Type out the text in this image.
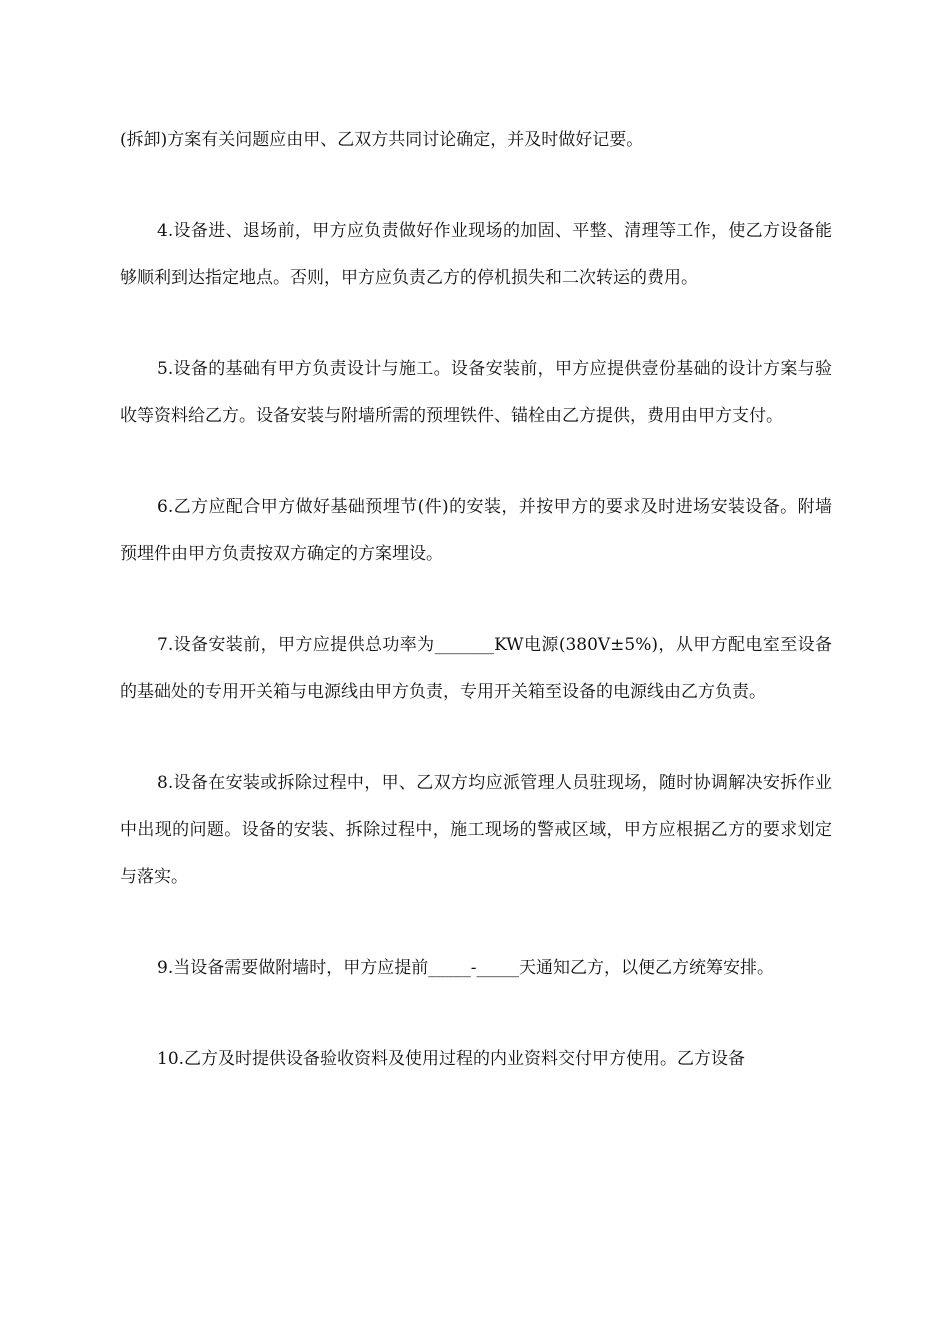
(拆卸)方案有关问题应由甲、乙双方共同讨论确定，并及时做好记要。

4.设备进、退场前，甲方应负责做好作业现场的加固、平整、清理等工作，使乙方设备能够顺利到达指定地点。否则，甲方应负责乙方的停机损失和二次转运的费用。

5.设备的基础有甲方负责设计与施工。设备安装前，甲方应提供壹份基础的设计方案与验收等资料给乙方。设备安装与附墙所需的预埋铁件、锚栓由乙方提供，费用由甲方支付。

6.乙方应配合甲方做好基础预埋节(件)的安装，并按甲方的要求及时进场安装设备。附墙预埋件由甲方负责按双方确定的方案埋设。

7.设备安装前，甲方应提供总功率为_______KW电源(380V±5%)，从甲方配电室至设备的基础处的专用开关箱与电源线由甲方负责，专用开关箱至设备的电源线由乙方负责。

8.设备在安装或拆除过程中，甲、乙双方均应派管理人员驻现场，随时协调解决安拆作业中出现的问题。设备的安装、拆除过程中，施工现场的警戒区域，甲方应根据乙方的要求划定与落实。

9.当设备需要做附墙时，甲方应提前_____-_____天通知乙方，以便乙方统筹安排。

10.乙方及时提供设备验收资料及使用过程的内业资料交付甲方使用。乙方设备
